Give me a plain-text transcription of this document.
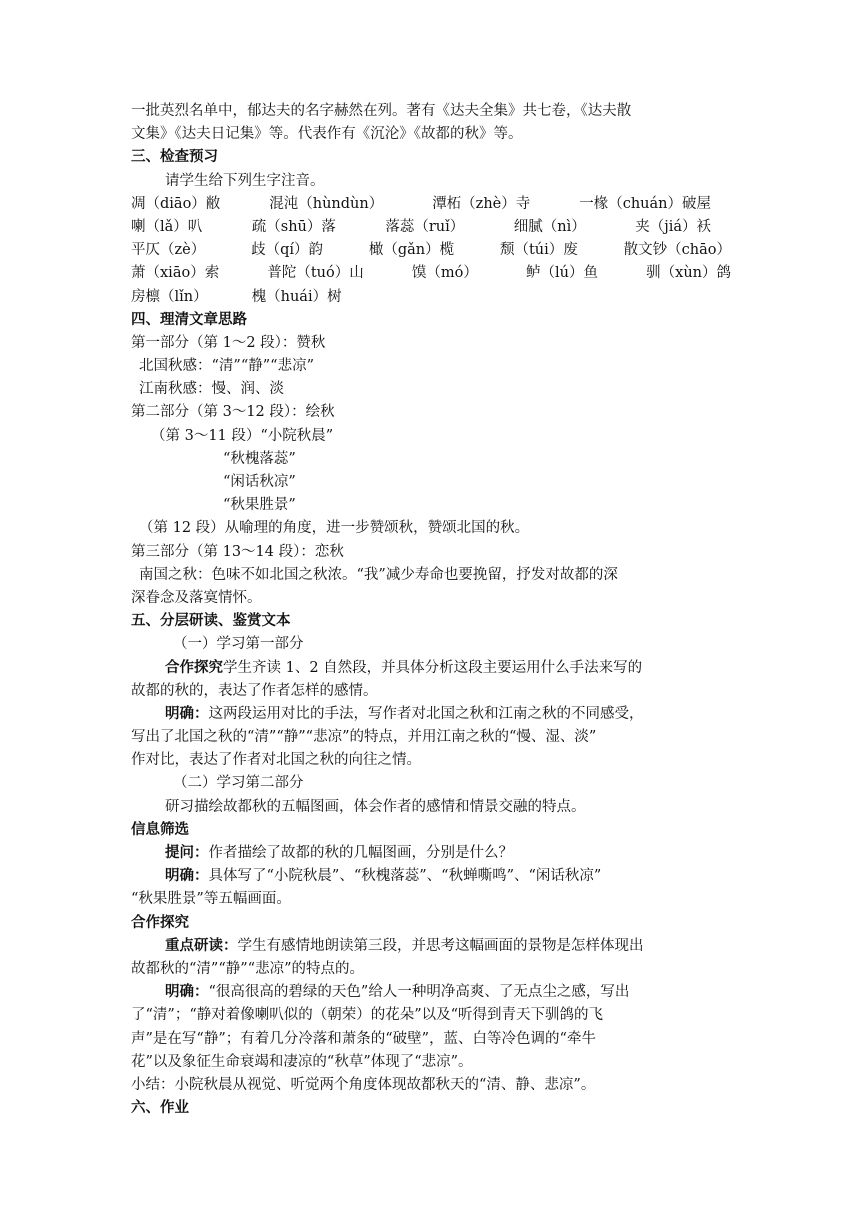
一批英烈名单中，郁达夫的名字赫然在列。著有《达夫全集》共七卷，《达夫散
文集》《达夫日记集》等。代表作有《沉沦》《故都的秋》等。
三、检查预习
请学生给下列生字注音。
凋（diāo）敝	混沌（hùndùn）	潭柘（zhè）寺	一椽（chuán）破屋
喇（lǎ）叭	疏（shū）落	落蕊（ruǐ）	细腻（nì）	夹（jiá）袄
平仄（zè）	歧（qí）韵	橄（gǎn）榄	颓（túi）废	散文钞（chāo）
萧（xiāo）索	普陀（tuó）山	馍（mó）	鲈（lú）鱼	驯（xùn）鸽
房檩（lǐn）	槐（huái）树
四、理清文章思路
第一部分（第 1～2 段）：赞秋
北国秋感：“清”“静”“悲凉”
江南秋感：慢、润、淡
第二部分（第 3～12 段）：绘秋
（第 3～11 段）“小院秋晨”
“秋槐落蕊”
“闲话秋凉”
“秋果胜景”
（第 12 段）从喻理的角度，进一步赞颂秋，赞颂北国的秋。
第三部分（第 13～14 段）：恋秋
南国之秋：色味不如北国之秋浓。“我”减少寿命也要挽留，抒发对故都的深
深眷念及落寞情怀。
五、分层研读、鉴赏文本
（一）学习第一部分
合作探究学生齐读 1、2 自然段，并具体分析这段主要运用什么手法来写的
故都的秋的，表达了作者怎样的感情。
明确：这两段运用对比的手法，写作者对北国之秋和江南之秋的不同感受，
写出了北国之秋的“清”“静”“悲凉”的特点，并用江南之秋的“慢、湿、淡”
作对比，表达了作者对北国之秋的向往之情。
（二）学习第二部分
研习描绘故都秋的五幅图画，体会作者的感情和情景交融的特点。
信息筛选
提问：作者描绘了故都的秋的几幅图画，分别是什么？
明确：具体写了“小院秋晨”、“秋槐落蕊”、“秋蝉嘶鸣”、“闲话秋凉”
“秋果胜景”等五幅画面。
合作探究
重点研读：学生有感情地朗读第三段，并思考这幅画面的景物是怎样体现出
故都秋的“清”“静”“悲凉”的特点的。
明确：“很高很高的碧绿的天色”给人一种明净高爽、了无点尘之感，写出
了“清”；“静对着像喇叭似的（朝荣）的花朵”以及“听得到青天下驯鸽的飞
声”是在写“静”；有着几分冷落和萧条的“破壁”，蓝、白等冷色调的“牵牛
花”以及象征生命衰竭和凄凉的“秋草”体现了“悲凉”。
小结：小院秋晨从视觉、听觉两个角度体现故都秋天的“清、静、悲凉”。
六、作业
